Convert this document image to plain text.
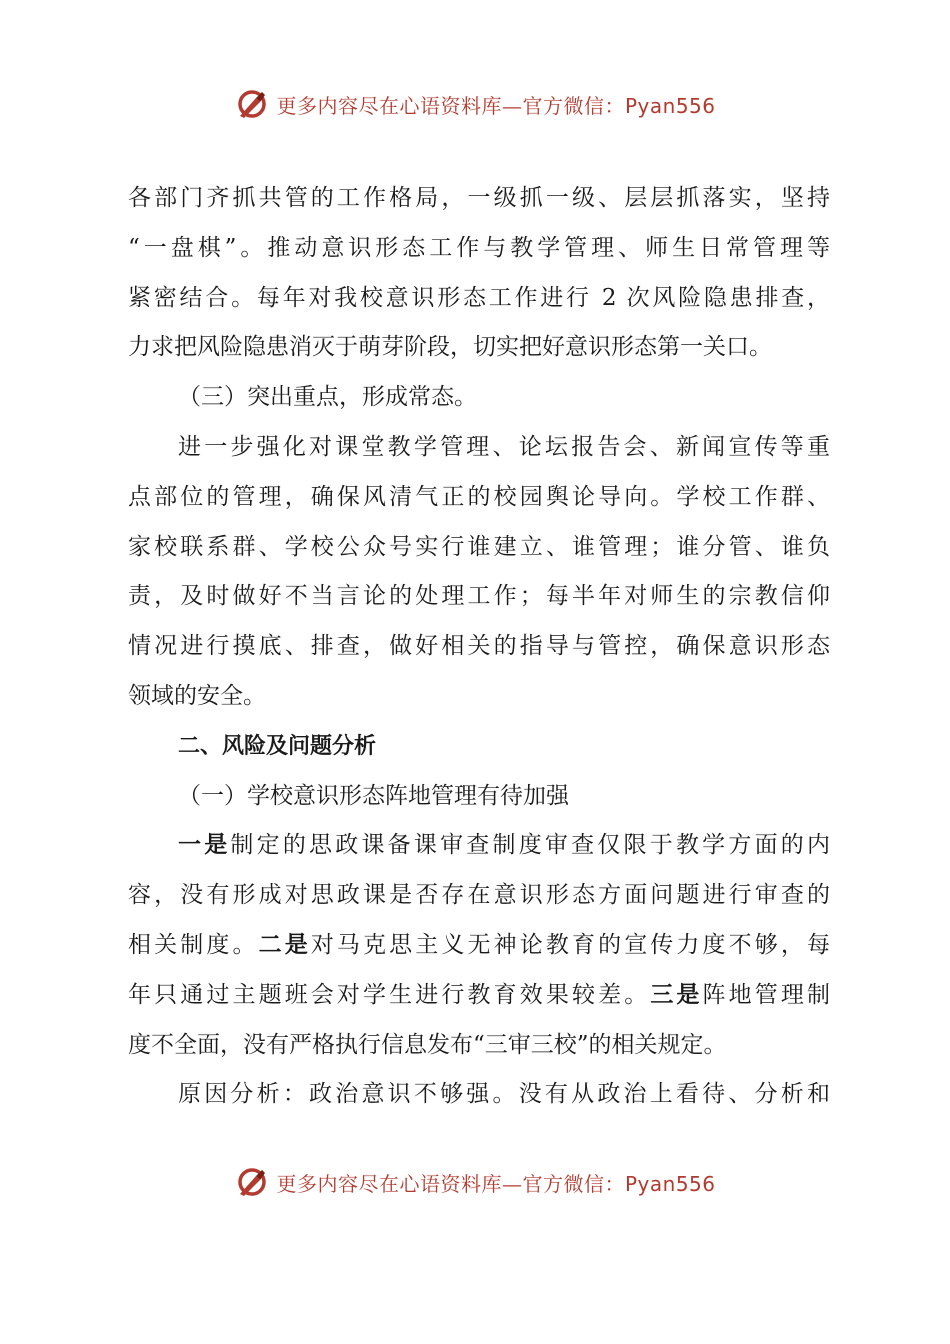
更多内容尽在心语资料库—官方微信：Pyan556
各部门齐抓共管的工作格局，一级抓一级、层层抓落实，坚持
“一盘棋”。推动意识形态工作与教学管理、师生日常管理等
紧密结合。每年对我校意识形态工作进行 2 次风险隐患排查，
力求把风险隐患消灭于萌芽阶段，切实把好意识形态第一关口。
（三）突出重点，形成常态。
进一步强化对课堂教学管理、论坛报告会、新闻宣传等重
点部位的管理，确保风清气正的校园舆论导向。学校工作群、
家校联系群、学校公众号实行谁建立、谁管理；谁分管、谁负
责，及时做好不当言论的处理工作；每半年对师生的宗教信仰
情况进行摸底、排查，做好相关的指导与管控，确保意识形态
领域的安全。
二、风险及问题分析
（一）学校意识形态阵地管理有待加强
一是制定的思政课备课审查制度审查仅限于教学方面的内
容，没有形成对思政课是否存在意识形态方面问题进行审查的
相关制度。二是对马克思主义无神论教育的宣传力度不够，每
年只通过主题班会对学生进行教育效果较差。三是阵地管理制
度不全面，没有严格执行信息发布“三审三校”的相关规定。
原因分析：政治意识不够强。没有从政治上看待、分析和
更多内容尽在心语资料库—官方微信：Pyan556
